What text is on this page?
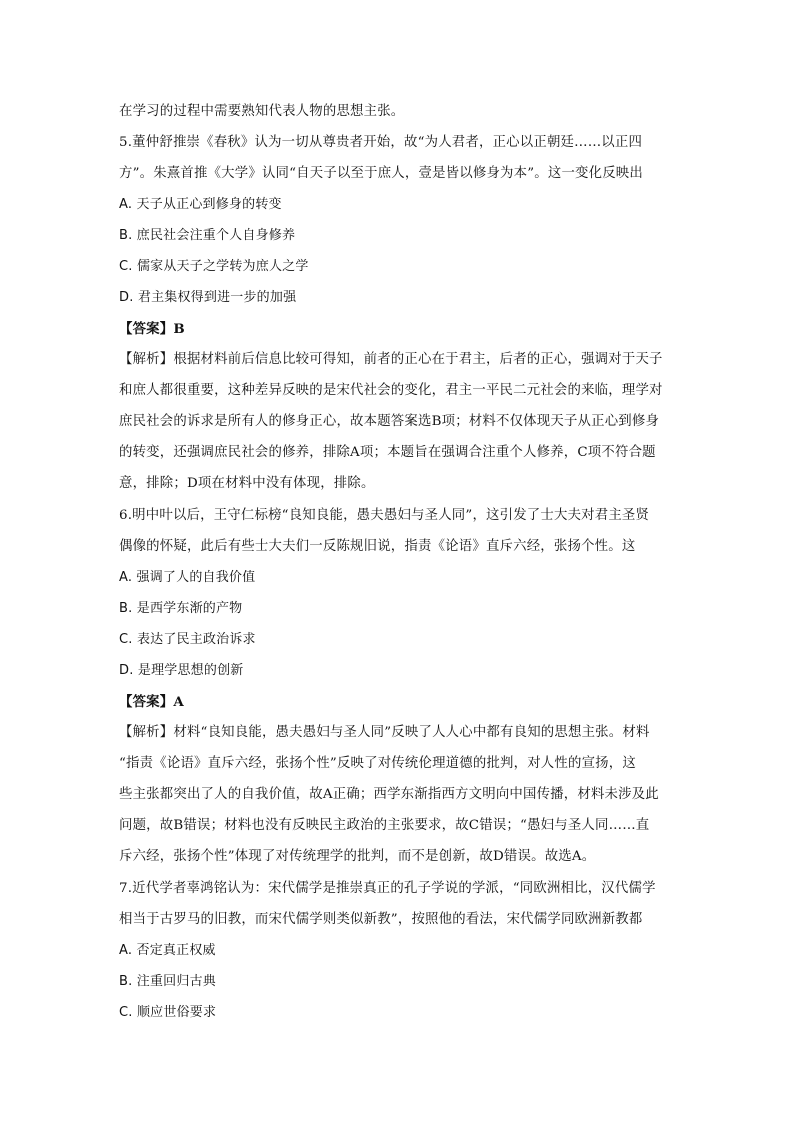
在学习的过程中需要熟知代表人物的思想主张。
5.董仲舒推崇《春秋》认为一切从尊贵者开始，故“为人君者，正心以正朝廷……以正四
方”。朱熹首推《大学》认同“自天子以至于庶人，壹是皆以修身为本”。这一变化反映出
A. 天子从正心到修身的转变
B. 庶民社会注重个人自身修养
C. 儒家从天子之学转为庶人之学
D. 君主集权得到进一步的加强
【答案】B
【解析】根据材料前后信息比较可得知，前者的正心在于君主，后者的正心，强调对于天子
和庶人都很重要，这种差异反映的是宋代社会的变化，君主一平民二元社会的来临，理学对
庶民社会的诉求是所有人的修身正心，故本题答案选B项；材料不仅体现天子从正心到修身
的转变，还强调庶民社会的修养，排除A项；本题旨在强调合注重个人修养，C项不符合题
意，排除；D项在材料中没有体现，排除。
6.明中叶以后，王守仁标榜“良知良能，愚夫愚妇与圣人同”，这引发了士大夫对君主圣贤
偶像的怀疑，此后有些士大夫们一反陈规旧说，指责《论语》直斥六经，张扬个性。这
A. 强调了人的自我价值
B. 是西学东渐的产物
C. 表达了民主政治诉求
D. 是理学思想的创新
【答案】A
【解析】材料“良知良能，愚夫愚妇与圣人同”反映了人人心中都有良知的思想主张。材料
“指责《论语》直斥六经，张扬个性”反映了对传统伦理道德的批判，对人性的宣扬，这
些主张都突出了人的自我价值，故A正确；西学东渐指西方文明向中国传播，材料未涉及此
问题，故B错误；材料也没有反映民主政治的主张要求，故C错误；“愚妇与圣人同……直
斥六经，张扬个性”体现了对传统理学的批判，而不是创新，故D错误。故选A。
7.近代学者辜鸿铭认为：宋代儒学是推崇真正的孔子学说的学派，“同欧洲相比，汉代儒学
相当于古罗马的旧教，而宋代儒学则类似新教”，按照他的看法，宋代儒学同欧洲新教都
A. 否定真正权威
B. 注重回归古典
C. 顺应世俗要求
